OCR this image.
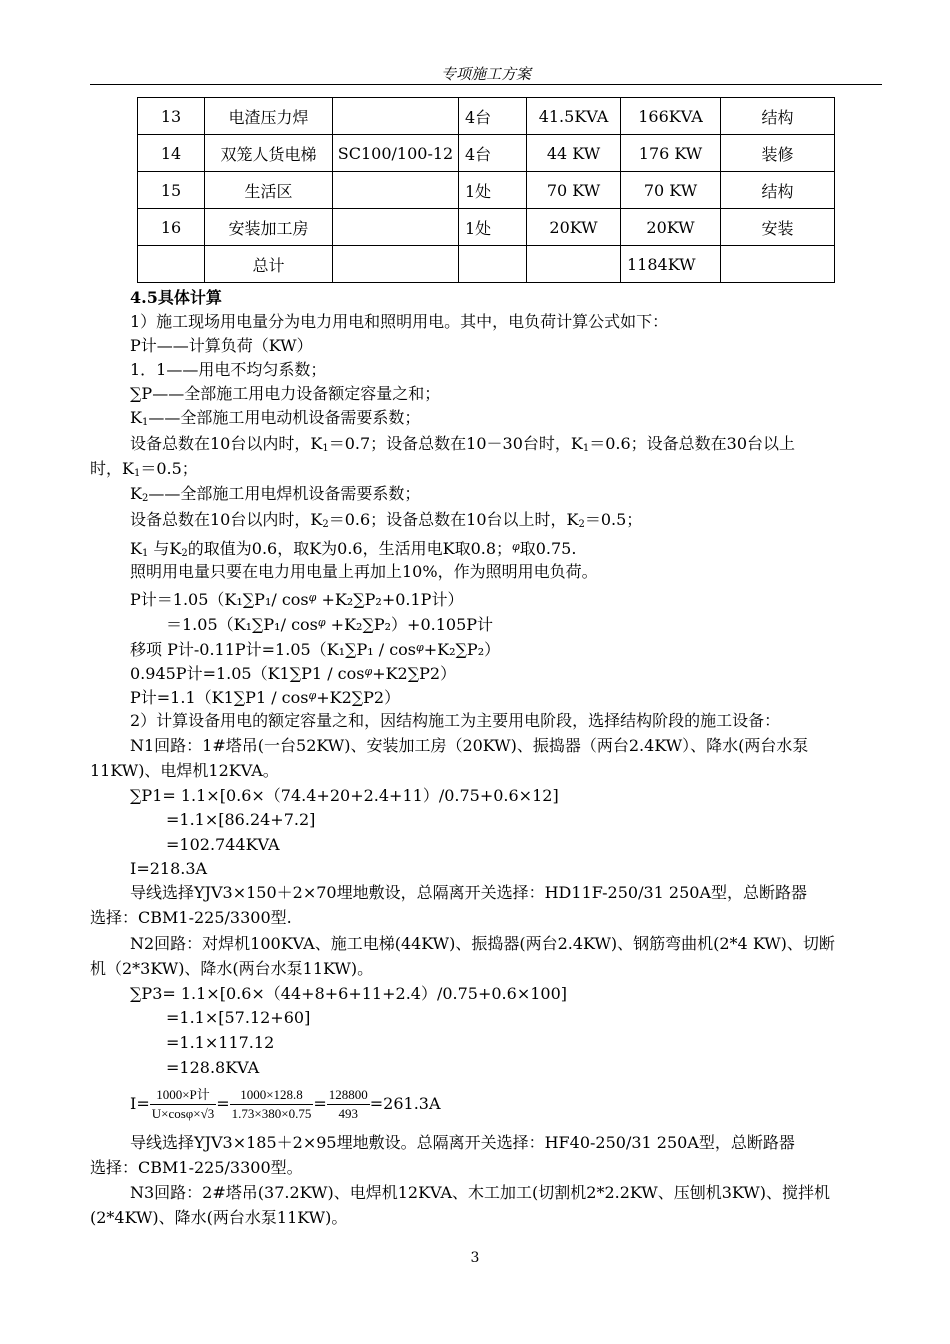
专项施工方案
13	电渣压力焊		4台	41.5KVA	166KVA	结构
14	双笼人货电梯	SC100/100-12	4台	44 KW	176 KW	装修
15	生活区		1处	70 KW	70 KW	结构
16	安装加工房		1处	20KW	20KW	安装
	总计				1184KW	
4.5具体计算
1）施工现场用电量分为电力用电和照明用电。其中，电负荷计算公式如下：
P计——计算负荷（KW）
1．1——用电不均匀系数；
∑P——全部施工用电力设备额定容量之和；
$K_1——$全部施工用电动机设备需要系数；
设备总数在10台以内时，$K_1=0.7$；设备总数在10－30台时，$K_1=0.6$；设备总数在30台以上
时，$K_1=0.5$；
$K_2——$全部施工用电焊机设备需要系数；
设备总数在10台以内时，$K_2=0.6$；设备总数在10台以上时，$K_2=0.5$；
$K_1$ 与$K_2$的取值为0.6，取K为0.6，生活用电K取0.8；$^\varphi$取0.75.
照明用电量只要在电力用电量上再加上10%，作为照明用电负荷。
P计＝1.05（K₁∑P₁/ $\cos^\varphi +K_2\sum P_2+0.1P$计）
＝1.05（K₁∑P₁/ $\cos^\varphi +K_2\sum P_2)+0.105P$计
移项 P计-0.11P计$=1.05(K_1\sum P_1 / \cos^\varphi+K_2\sum P_2)$
0.945P计$=1.05(K1\sum P1 / \cos^\varphi+K2\sum P2)$
P计$=1.1(K1\sum P1 / \cos^\varphi+K2\sum P2)$
2）计算设备用电的额定容量之和，因结构施工为主要用电阶段，选择结构阶段的施工设备：
N1回路：1#塔吊(一台52KW)、安装加工房（20KW)、振捣器（两台2.4KW）、降水(两台水泵
11KW)、电焊机12KVA。
∑P1= 1.1×[0.6×（74.4+20+2.4+11）/0.75+0.6×12]
=1.1×[86.24+7.2]
=102.744KVA
I=218.3A
导线选择YJV3×150＋2×70埋地敷设，总隔离开关选择：HD11F-250/31 250A型，总断路器
选择：CBM1-225/3300型.
N2回路：对焊机100KVA、施工电梯(44KW)、振捣器(两台2.4KW)、钢筋弯曲机(2*4 KW)、切断
机（2*3KW)、降水(两台水泵11KW)。
∑P3= 1.1×[0.6×（44+8+6+11+2.4）/0.75+0.6×100]
=1.1×[57.12+60]
=1.1×117.12
=128.8KVA
$I= \frac{\text{1000×P计}}{U\times\cos\varphi\times√3} = \frac{1000\times 128.8}{1.73\times 380\times 0.75} = \frac{128800}{493} =261.3A$
导线选择YJV3×185＋2×95埋地敷设。总隔离开关选择：HF40-250/31 250A型，总断路器
选择：CBM1-225/3300型。
N3回路：2#塔吊(37.2KW)、电焊机12KVA、木工加工(切割机2*2.2KW、压刨机3KW)、搅拌机
(2*4KW)、降水(两台水泵11KW)。
3
